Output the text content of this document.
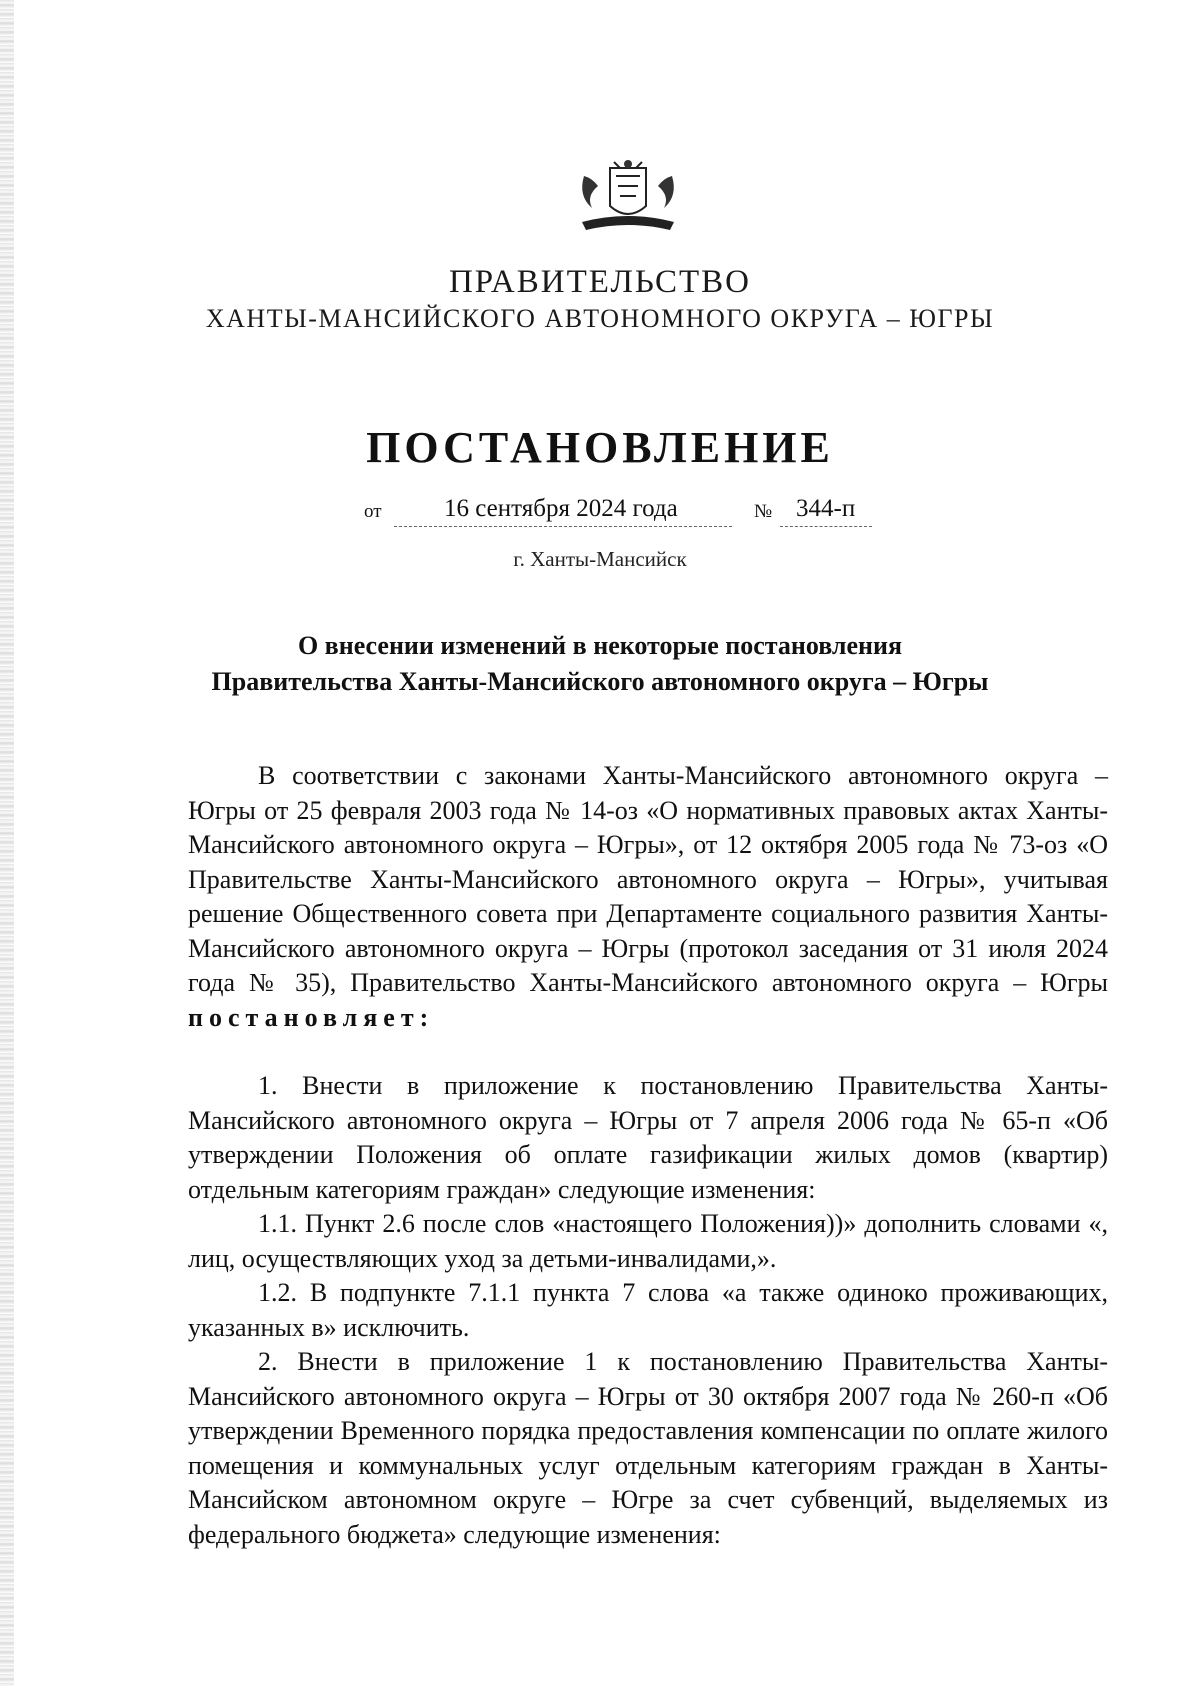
ПРАВИТЕЛЬСТВО
ХАНТЫ-МАНСИЙСКОГО АВТОНОМНОГО ОКРУГА – ЮГРЫ
ПОСТАНОВЛЕНИЕ
от 16 сентября 2024 года	№ 344-п
г. Ханты-Мансийск
О внесении изменений в некоторые постановления
Правительства Ханты-Мансийского автономного округа – Югры

В соответствии с законами Ханты-Мансийского автономного округа – Югры от 25 февраля 2003 года № 14-оз «О нормативных правовых актах Ханты-Мансийского автономного округа – Югры», от 12 октября 2005 года № 73-оз «О Правительстве Ханты-Мансийского автономного округа – Югры», учитывая решение Общественного совета при Департаменте социального развития Ханты-Мансийского автономного округа – Югры (протокол заседания от 31 июля 2024 года № 35), Правительство Ханты-Мансийского автономного округа – Югры постановляет:

1. Внести в приложение к постановлению Правительства Ханты-Мансийского автономного округа – Югры от 7 апреля 2006 года № 65-п «Об утверждении Положения об оплате газификации жилых домов (квартир) отдельным категориям граждан» следующие изменения:

1.1. Пункт 2.6 после слов «настоящего Положения))» дополнить словами «, лиц, осуществляющих уход за детьми-инвалидами,».

1.2. В подпункте 7.1.1 пункта 7 слова «а также одиноко проживающих, указанных в» исключить.

2. Внести в приложение 1 к постановлению Правительства Ханты-Мансийского автономного округа – Югры от 30 октября 2007 года № 260-п «Об утверждении Временного порядка предоставления компенсации по оплате жилого помещения и коммунальных услуг отдельным категориям граждан в Ханты-Мансийском автономном округе – Югре за счет субвенций, выделяемых из федерального бюджета» следующие изменения:
